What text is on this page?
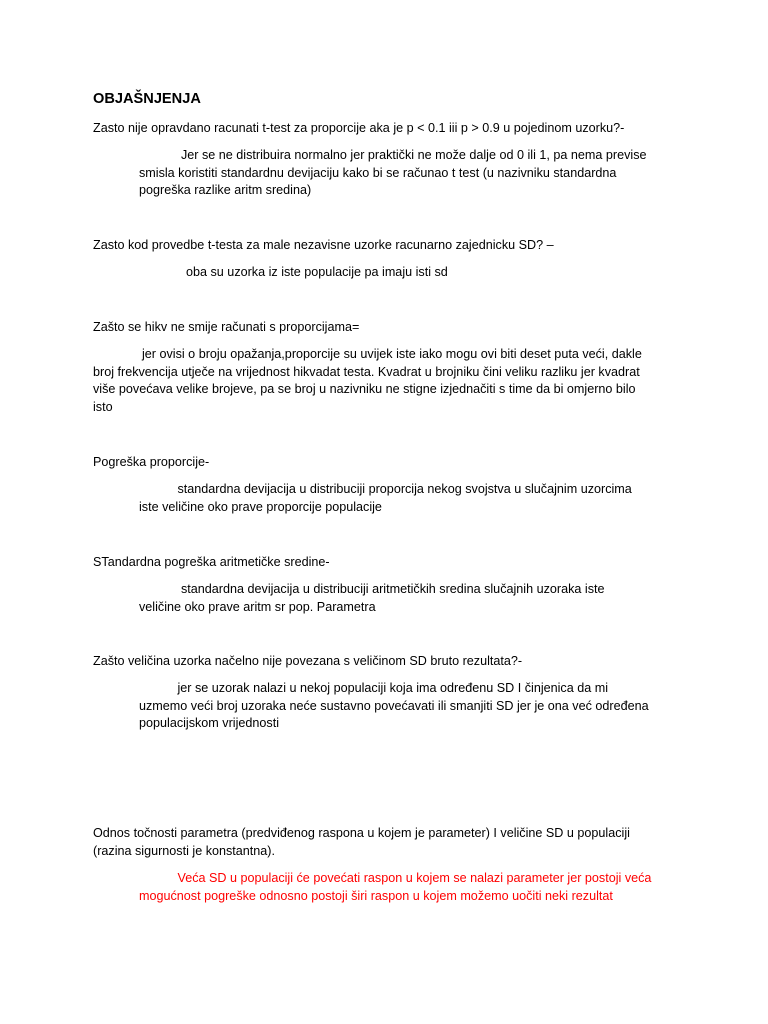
OBJAŠNJENJA
Zasto nije opravdano racunati t-test za proporcije aka je p < 0.1 iii p > 0.9 u pojedinom uzorku?-
Jer se ne distribuira normalno jer praktički ne može dalje od 0 ili 1, pa nema previse
smisla koristiti standardnu devijaciju kako bi se računao t test (u nazivniku standardna
pogreška razlike aritm sredina)
Zasto kod provedbe t-testa za male nezavisne uzorke racunarno zajednicku SD? –
oba su uzorka iz iste populacije pa imaju isti sd
Zašto se hikv ne smije računati s proporcijama=
jer ovisi o broju opažanja,proporcije su uvijek iste iako mogu ovi biti deset puta veći, dakle
broj frekvencija utječe na vrijednost hikvadat testa. Kvadrat u brojniku čini veliku razliku jer kvadrat
više povećava velike brojeve, pa se broj u nazivniku ne stigne izjednačiti s time da bi omjerno bilo
isto
Pogreška proporcije-
standardna devijacija u distribuciji proporcija nekog svojstva u slučajnim uzorcima
iste veličine oko prave proporcije populacije
STandardna pogreška aritmetičke sredine-
standardna devijacija u distribuciji aritmetičkih sredina slučajnih uzoraka iste
veličine oko prave aritm sr pop. Parametra
Zašto veličina uzorka načelno nije povezana s veličinom SD bruto rezultata?-
jer se uzorak nalazi u nekoj populaciji koja ima određenu SD I činjenica da mi
uzmemo veći broj uzoraka neće sustavno povećavati ili smanjiti SD jer je ona već određena
populacijskom vrijednosti
Odnos točnosti parametra (predviđenog raspona u kojem je parameter) I veličine SD u populaciji
(razina sigurnosti je konstantna).
Veća SD u populaciji će povećati raspon u kojem se nalazi parameter jer postoji veća
mogućnost pogreške odnosno postoji širi raspon u kojem možemo uočiti neki rezultat
